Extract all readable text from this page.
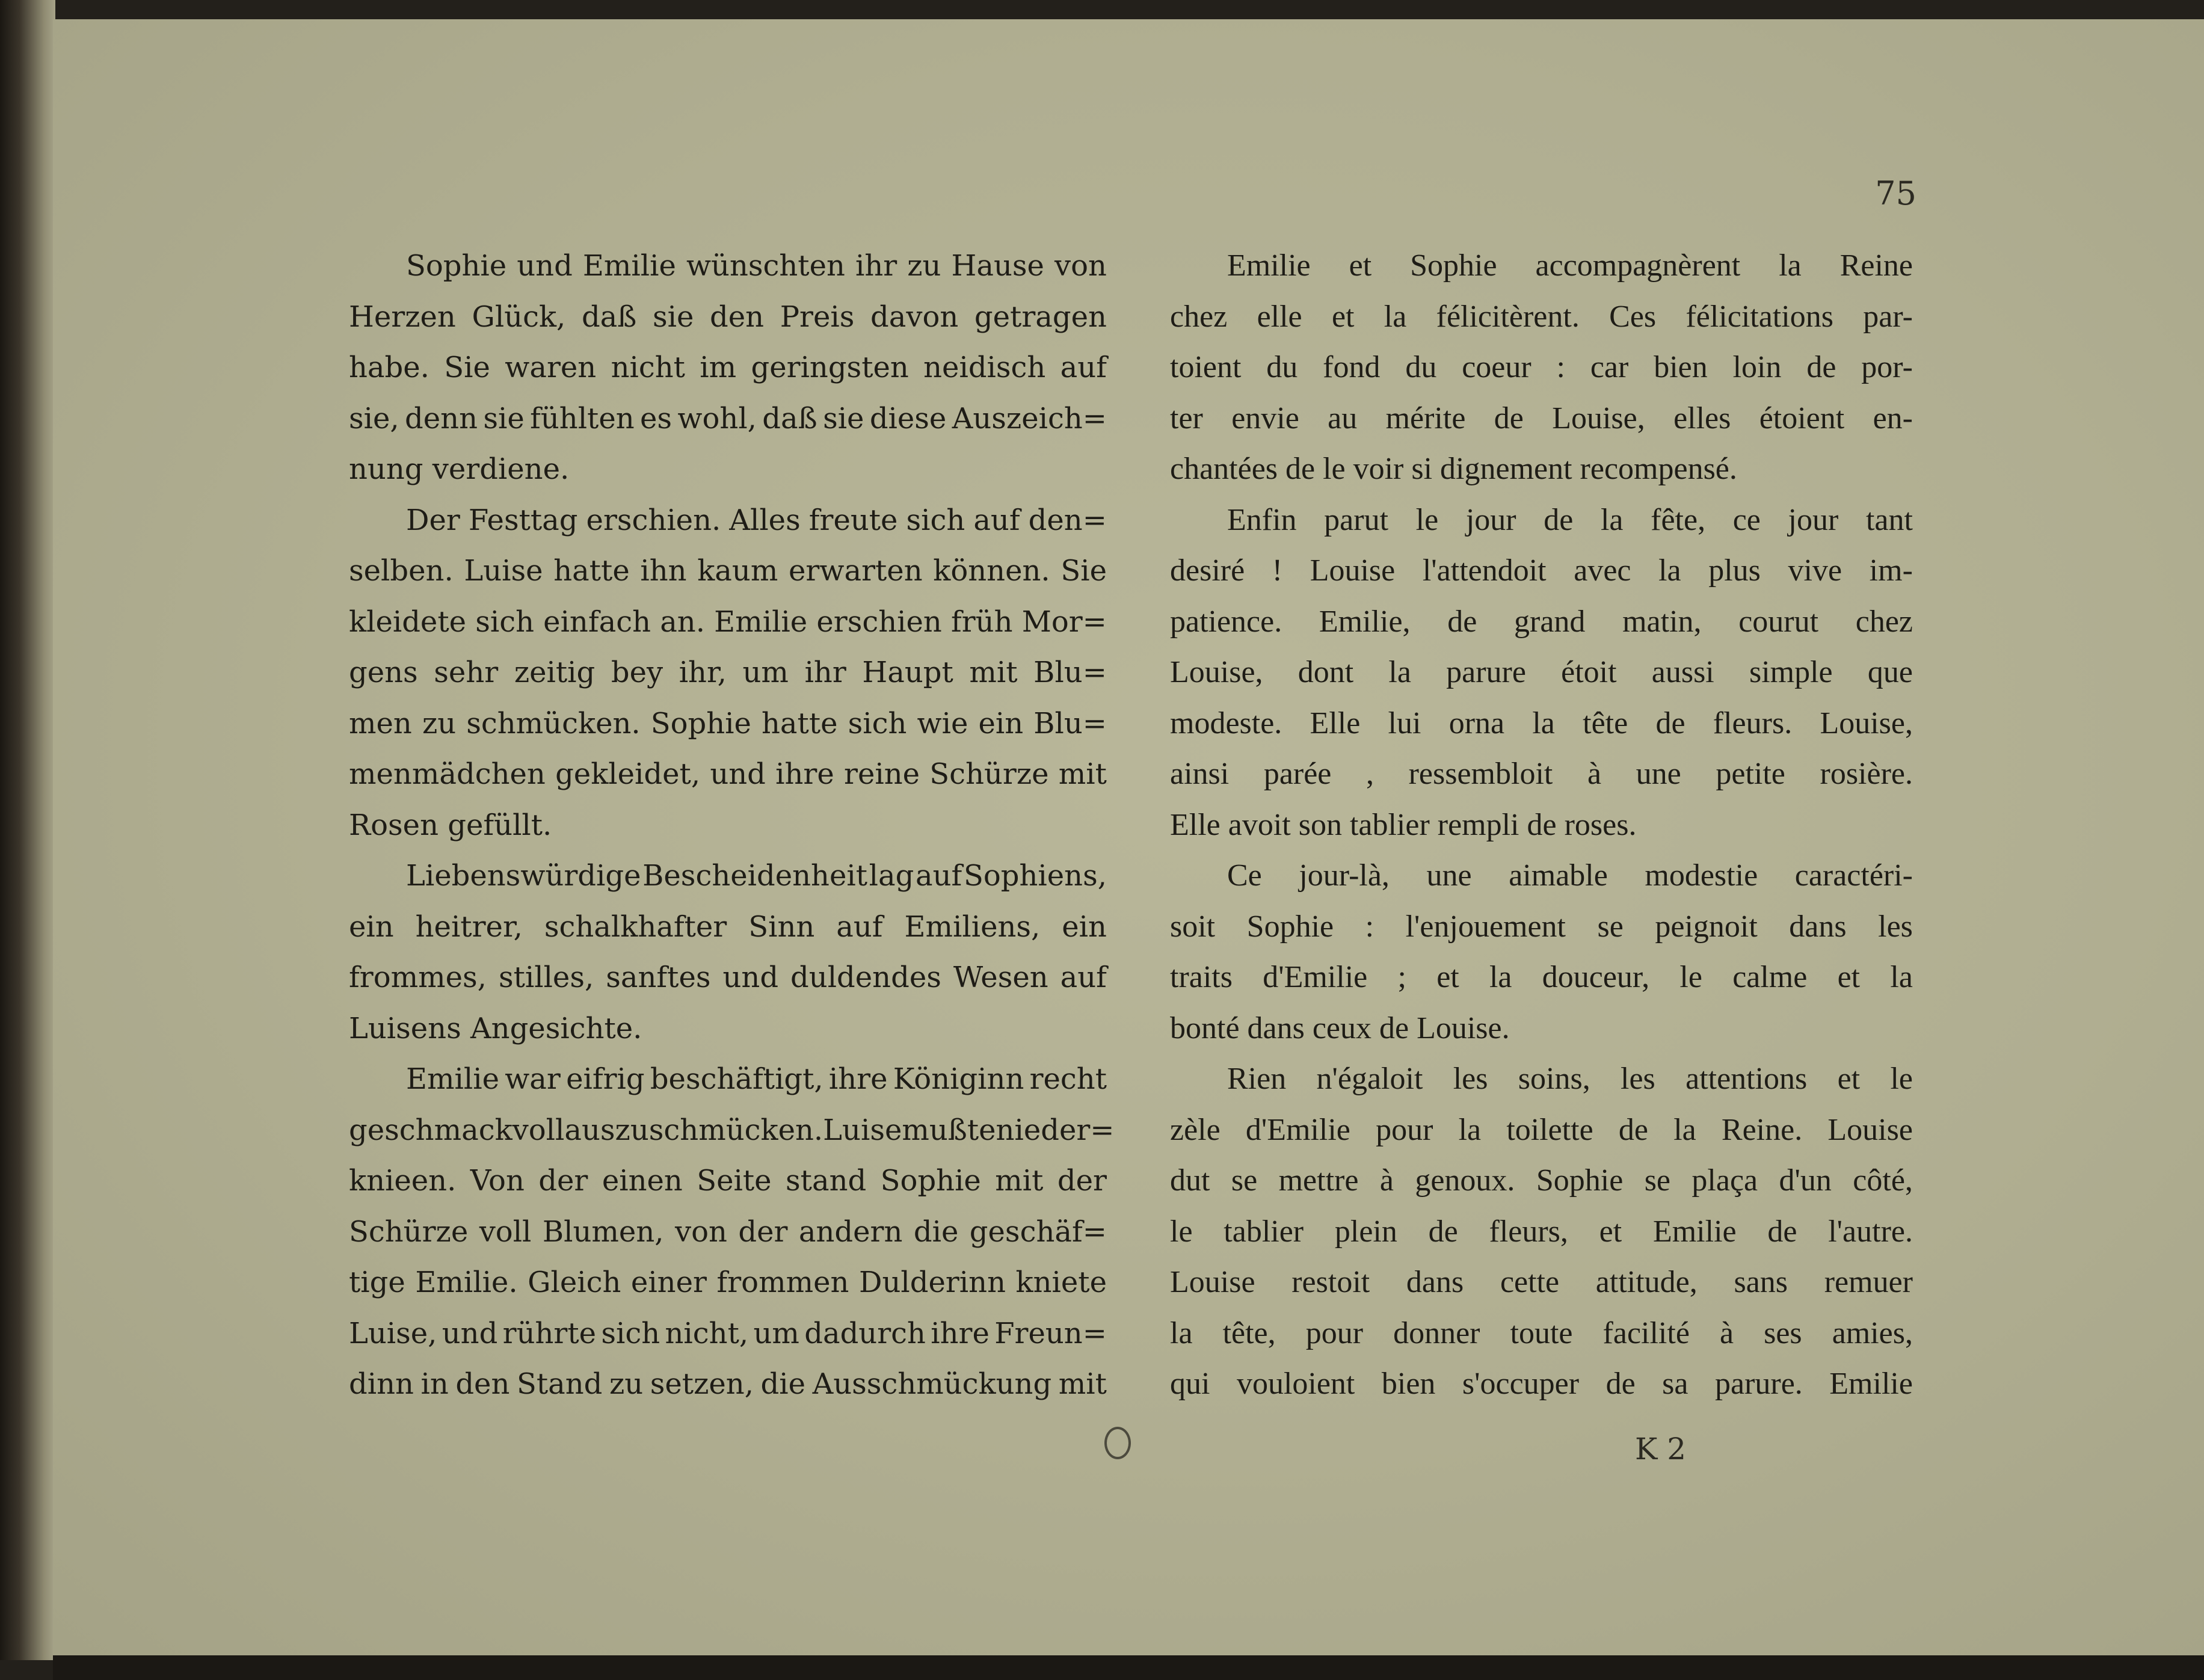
75
Sophie und Emilie wünschten ihr zu Hause von
Herzen Glück, daß sie den Preis davon getragen
habe. Sie waren nicht im geringsten neidisch auf
sie, denn sie fühlten es wohl, daß sie diese Auszeich=
nung verdiene.
Der Festtag erschien. Alles freute sich auf den=
selben. Luise hatte ihn kaum erwarten können. Sie
kleidete sich einfach an. Emilie erschien früh Mor=
gens sehr zeitig bey ihr, um ihr Haupt mit Blu=
men zu schmücken. Sophie hatte sich wie ein Blu=
menmädchen gekleidet, und ihre reine Schürze mit
Rosen gefüllt.
Liebenswürdige Bescheidenheit lag auf Sophiens,
ein heitrer, schalkhafter Sinn auf Emiliens, ein
frommes, stilles, sanftes und duldendes Wesen auf
Luisens Angesichte.
Emilie war eifrig beschäftigt, ihre Königinn recht
geschmackvoll auszuschmücken. Luise mußte nieder=
knieen. Von der einen Seite stand Sophie mit der
Schürze voll Blumen, von der andern die geschäf=
tige Emilie. Gleich einer frommen Dulderinn kniete
Luise, und rührte sich nicht, um dadurch ihre Freun=
dinn in den Stand zu setzen, die Ausschmückung mit
Emilie et Sophie accompagnèrent la Reine
chez elle et la félicitèrent. Ces félicitations par-
toient du fond du coeur : car bien loin de por-
ter envie au mérite de Louise, elles étoient en-
chantées de le voir si dignement recompensé.
Enfin parut le jour de la fête, ce jour tant
desiré ! Louise l'attendoit avec la plus vive im-
patience. Emilie, de grand matin, courut chez
Louise, dont la parure étoit aussi simple que
modeste. Elle lui orna la tête de fleurs. Louise,
ainsi parée , ressembloit à une petite rosière.
Elle avoit son tablier rempli de roses.
Ce jour-là, une aimable modestie caractéri-
soit Sophie : l'enjouement se peignoit dans les
traits d'Emilie ; et la douceur, le calme et la
bonté dans ceux de Louise.
Rien n'égaloit les soins, les attentions et le
zèle d'Emilie pour la toilette de la Reine. Louise
dut se mettre à genoux. Sophie se plaça d'un côté,
le tablier plein de fleurs, et Emilie de l'autre.
Louise restoit dans cette attitude, sans remuer
la tête, pour donner toute facilité à ses amies,
qui vouloient bien s'occuper de sa parure. Emilie
K 2
